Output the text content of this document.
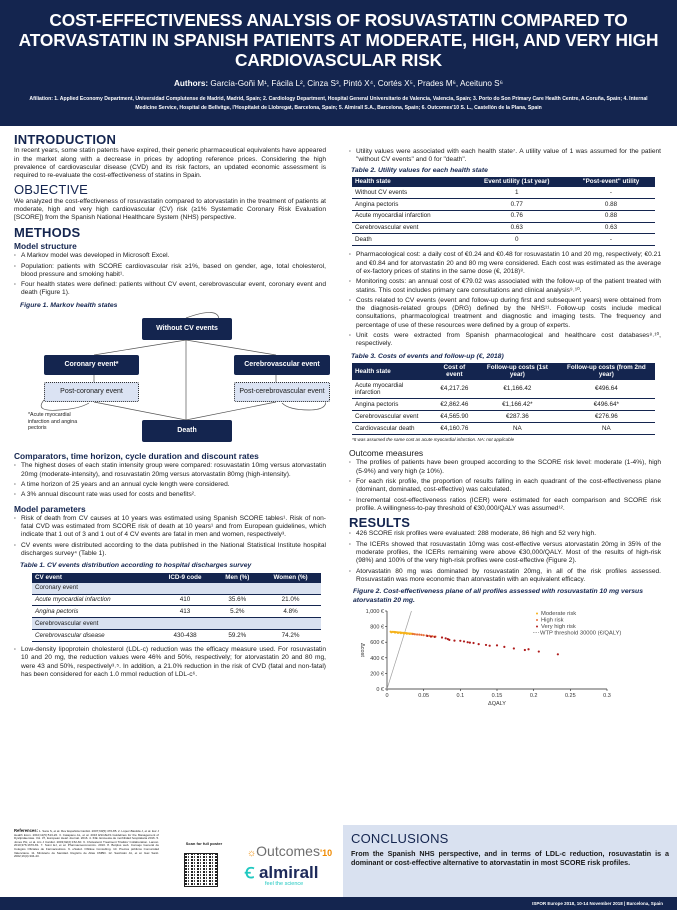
COST-EFFECTIVENESS ANALYSIS OF ROSUVASTATIN COMPARED TO ATORVASTATIN IN SPANISH PATIENTS AT MODERATE, HIGH, AND VERY HIGH CARDIOVASCULAR RISK
Authors: García-Goñi M¹, Fácila L², Cinza S³, Pintó X⁴, Cortés X⁵, Prades M⁶, Aceituno S⁶
Afiliation: 1. Applied Economy Department, Universidad Complutense de Madrid, Madrid, Spain; 2. Cardiology Department, Hospital General Universitario de Valencia, Valencia, Spain; 3. Porto do Son Primary Care Health Centre, A Coruña, Spain; 4. Internal Medicine Service, Hospital de Bellvitge, l'Hospitalet de Llobregat, Barcelona, Spain; 5. Almirall S.A., Barcelona, Spain; 6. Outcomes'10 S. L., Castellón de la Plana, Spain
INTRODUCTION

In recent years, some statin patents have expired, their generic pharmaceutical equivalents have appeared in the market along with a decrease in prices by adopting reference prices. Considering the high prevalence of cardiovascular disease (CVD) and its risk factors, an updated economic assessment is required to re-evaluate the cost-effectiveness of statins in Spain.

OBJECTIVE

We analyzed the cost-effectiveness of rosuvastatin compared to atorvastatin in the treatment of patients at moderate, high and very high cardiovascular (CV) risk (≥1% Systematic Coronary Risk Evaluation [SCORE]) from the Spanish National Healthcare System (NHS) perspective.

METHODS
Model structure
· A Markov model was developed in Microsoft Excel.
· Population: patients with SCORE cardiovascular risk ≥1%, based on gender, age, total cholesterol, blood pressure and smoking habit¹.
· Four health states were defined: patients without CV event, cerebrovascular event, coronary event and death (Figure 1).
Figure 1. Markov health states
Without CV events
Coronary event*	Cerebrovascular event
Post-coronary event	Post-cerebrovascular event
Death
*Acute myocardial infarction and angina pectoris
Comparators, time horizon, cycle duration and discount rates
· The highest doses of each statin intensity group were compared: rosuvastatin 10mg versus atorvastatin 20mg (moderate-intensity), and rosuvastatin 20mg versus atorvastatin 80mg (high-intensity).
· A time horizon of 25 years and an annual cycle length were considered.
· A 3% annual discount rate was used for costs and benefits².
Model parameters
· Risk of death from CV causes at 10 years was estimated using Spanish SCORE tables¹. Risk of non-fatal CVD was estimated from SCORE risk of death at 10 years¹ and from European guidelines, which indicate that 1 out of 3 and 1 out of 4 CV events are fatal in men and women, respectively³.
· CV events were distributed according to the data published in the National Statistical Institute hospital discharges survey⁴ (Table 1).
Table 1. CV events distribution according to hospital discharges survey
CV event	ICD-9 code	Men (%)	Women (%)
Coronary event			
Acute myocardial infarction	410	35.6%	21.0%
Angina pectoris	413	5.2%	4.8%
Cerebrovascular event			
Cerebrovascular disease	430-438	59.2%	74.2%
· Low-density lipoprotein cholesterol (LDL-c) reduction was the efficacy measure used. For rosuvastatin 10 and 20 mg, the reduction values were 46% and 50%, respectively; for atorvastatin 20 and 80 mg, were 43 and 50%, respectively³˒⁵. In addition, a 21.0% reduction in the risk of CVD (fatal and non-fatal) has been considered for each 1.0 mmol reduction of LDL-c⁶.
· Utility values were associated with each health state⁷. A utility value of 1 was assumed for the patient "without CV events" and 0 for "death".
Table 2. Utility values for each health state
Health state	Event utility (1st year)	"Post-event" utility
Without CV events	1	-
Angina pectoris	0.77	0.88
Acute myocardial infarction	0.76	0.88
Cerebrovascular event	0.63	0.63
Death	0	-
· Pharmacological cost: a daily cost of €0.24 and €0.48 for rosuvastatin 10 and 20 mg, respectively; €0.21 and €0.84 and for atorvastatin 20 and 80 mg were considered. Each cost was estimated as the average of ex-factory prices of statins in the same dose (€, 2018)⁸.
· Monitoring costs: an annual cost of €79.02 was associated with the follow-up of the patient treated with statins. This cost includes primary care consultations and clinical analysis⁹˒¹⁰.
· Costs related to CV events (event and follow-up during first and subsequent years) were obtained from the diagnosis-related groups (DRG) defined by the NHS¹¹. Follow-up costs include medical consultations, pharmacological treatment and diagnostic and imaging tests. The frequency and percentage of use of these resources were defined by a group of experts.
· Unit costs were extracted from Spanish pharmacological and healthcare cost databases⁸˒¹⁰, respectively.
Table 3. Costs of events and follow-up (€, 2018)
Health state	Cost of event	Follow-up costs (1st year)	Follow-up costs (from 2nd year)
Acute myocardial infarction	€4,217.26	€1,166.42	€496.64
Angina pectoris	€2,862.46	€1,166.42*	€496.64*
Cerebrovascular event	€4,565.90	€287.36	€276.96
Cardiovascular death	€4,160.76	NA	NA
*It was assumed the same cost as acute myocardial infarction. NA: not applicable
Outcome measures
· The profiles of patients have been grouped according to the SCORE risk level: moderate (1-4%), high (5-9%) and very high (≥ 10%).
· For each risk profile, the proportion of results falling in each quadrant of the cost-effectiveness plane (dominant, dominated, cost-effective) was calculated.
· Incremental cost-effectiveness ratios (ICER) were estimated for each comparison and SCORE risk profile. A willingness-to-pay threshold of €30,000/QALY was assumed¹².
RESULTS
· 426 SCORE risk profiles were evaluated: 288 moderate, 86 high and 52 very high.
· The ICERs showed that rosuvastatin 10mg was cost-effective versus atorvastatin 20mg in 35% of the moderate profiles, the ICERs remaining were above €30,000/QALY. Most of the results of high-risk (98%) and 100% of the very high-risk profiles were cost-effective (Figure 2).
· Atorvastatin 80 mg was dominated by rosuvastatin 20mg, in all of the risk profiles assessed. Rosuvastatin was more economic than atorvastatin with an equivalent efficacy.
Figure 2. Cost-effectiveness plane of all profiles assessed with rosuvastatin 10 mg versus atorvastatin 20 mg.
0 €
200 €
400 €
600 €
800 €
1,000 €
0	0.05	0.1	0.15	0.2	0.25	0.3
ΔQALY
Δcost
Moderate risk
High risk
Very high risk
WTP threshold 30000 (€/QALY)
CONCLUSIONS

From the Spanish NHS perspective, and in terms of LDL-c reduction, rosuvastatin is a dominant or cost-effective alternative to atorvastatin in most SCORE risk profiles.

References: 1. Sans S, et al. Rev Española Cardiol. 2007;60(5):476-85. 2. López-Bastida J, et al. Eur J Health Econ. 2010;11(5):513-20. 3. Catapano AL, et al. 2016 ESC/EAS Guidelines for the Management of Dyslipidaemias. Vol. 37, European Heart Journal. 2016. 4. INE. Encuesta de morbilidad hospitalaria 2016. 5. Jones PH, et al. Am J Cardiol. 2003;92(2):152-60. 6. Cholesterol Treatment Trialists' Collaboration. Lancet. 2010;376:1670-81. 7. Soini EJ, et al. Pharmacoeconomics. 2010. 8. Botplus web. Consejo General de Colegios Oficiales de Farmacéuticos. 9. eSalud. Oblikue Consulting. 10. Precios públicos Comunidad Valenciana. 11. Ministerio de Sanidad. Registro de Altas CMBD. 12. Sacristán JA, et al. Gac Sanit. 2002;16(4):334-43.
Scan for full poster
☼Outcomes'10
Ꞓ almirall
feel the science
ISPOR Europe 2018, 10-14 November 2018 | Barcelona, Spain
